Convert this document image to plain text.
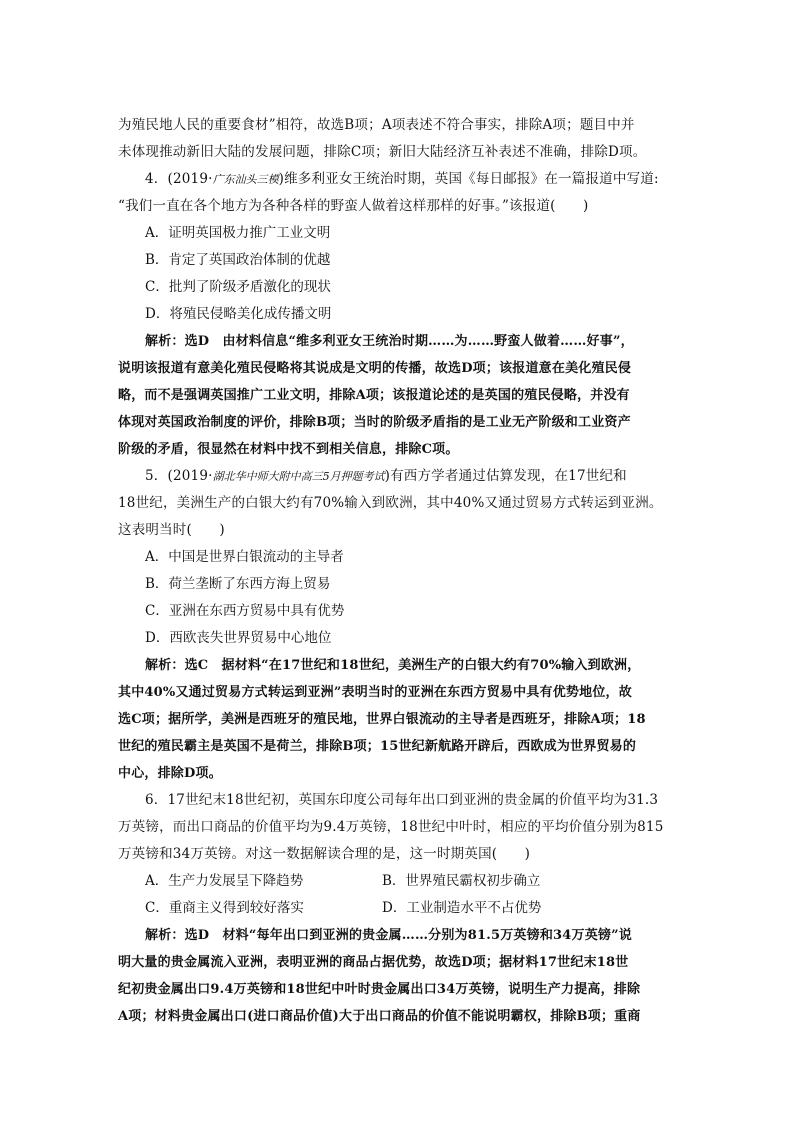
为殖民地人民的重要食材”相符，故选B项；A项表述不符合事实，排除A项；题目中并

未体现推动新旧大陆的发展问题，排除C项；新旧大陆经济互补表述不准确，排除D项。

4．(2019·广东汕头三模)维多利亚女王统治时期，英国《每日邮报》在一篇报道中写道:

“我们一直在各个地方为各种各样的野蛮人做着这样那样的好事。”该报道(　　)

A．证明英国极力推广工业文明

B．肯定了英国政治体制的优越

C．批判了阶级矛盾激化的现状

D．将殖民侵略美化成传播文明

解析：选D　由材料信息“维多利亚女王统治时期……为……野蛮人做着……好事”，

说明该报道有意美化殖民侵略将其说成是文明的传播，故选D项；该报道意在美化殖民侵

略，而不是强调英国推广工业文明，排除A项；该报道论述的是英国的殖民侵略，并没有

体现对英国政治制度的评价，排除B项；当时的阶级矛盾指的是工业无产阶级和工业资产

阶级的矛盾，很显然在材料中找不到相关信息，排除C项。

5．(2019·湖北华中师大附中高三5月押题考试)有西方学者通过估算发现，在17世纪和

18世纪，美洲生产的白银大约有70%输入到欧洲，其中40%又通过贸易方式转运到亚洲。

这表明当时(　　)

A．中国是世界白银流动的主导者

B．荷兰垄断了东西方海上贸易

C．亚洲在东西方贸易中具有优势

D．西欧丧失世界贸易中心地位

解析：选C　据材料“在17世纪和18世纪，美洲生产的白银大约有70%输入到欧洲，

其中40%又通过贸易方式转运到亚洲”表明当时的亚洲在东西方贸易中具有优势地位，故

选C项；据所学，美洲是西班牙的殖民地，世界白银流动的主导者是西班牙，排除A项；18

世纪的殖民霸主是英国不是荷兰，排除B项；15世纪新航路开辟后，西欧成为世界贸易的

中心，排除D项。

6．17世纪末18世纪初，英国东印度公司每年出口到亚洲的贵金属的价值平均为31.3

万英镑，而出口商品的价值平均为9.4万英镑，18世纪中叶时，相应的平均价值分别为815

万英镑和34万英镑。对这一数据解读合理的是，这一时期英国(　　)

A．生产力发展呈下降趋势	B．世界殖民霸权初步确立
C．重商主义得到较好落实	D．工业制造水平不占优势

解析：选D　材料“每年出口到亚洲的贵金属……分别为81.5万英镑和34万英镑”说

明大量的贵金属流入亚洲，表明亚洲的商品占据优势，故选D项；据材料17世纪末18世

纪初贵金属出口9.4万英镑和18世纪中叶时贵金属出口34万英镑，说明生产力提高，排除

A项；材料贵金属出口(进口商品价值)大于出口商品的价值不能说明霸权，排除B项；重商
